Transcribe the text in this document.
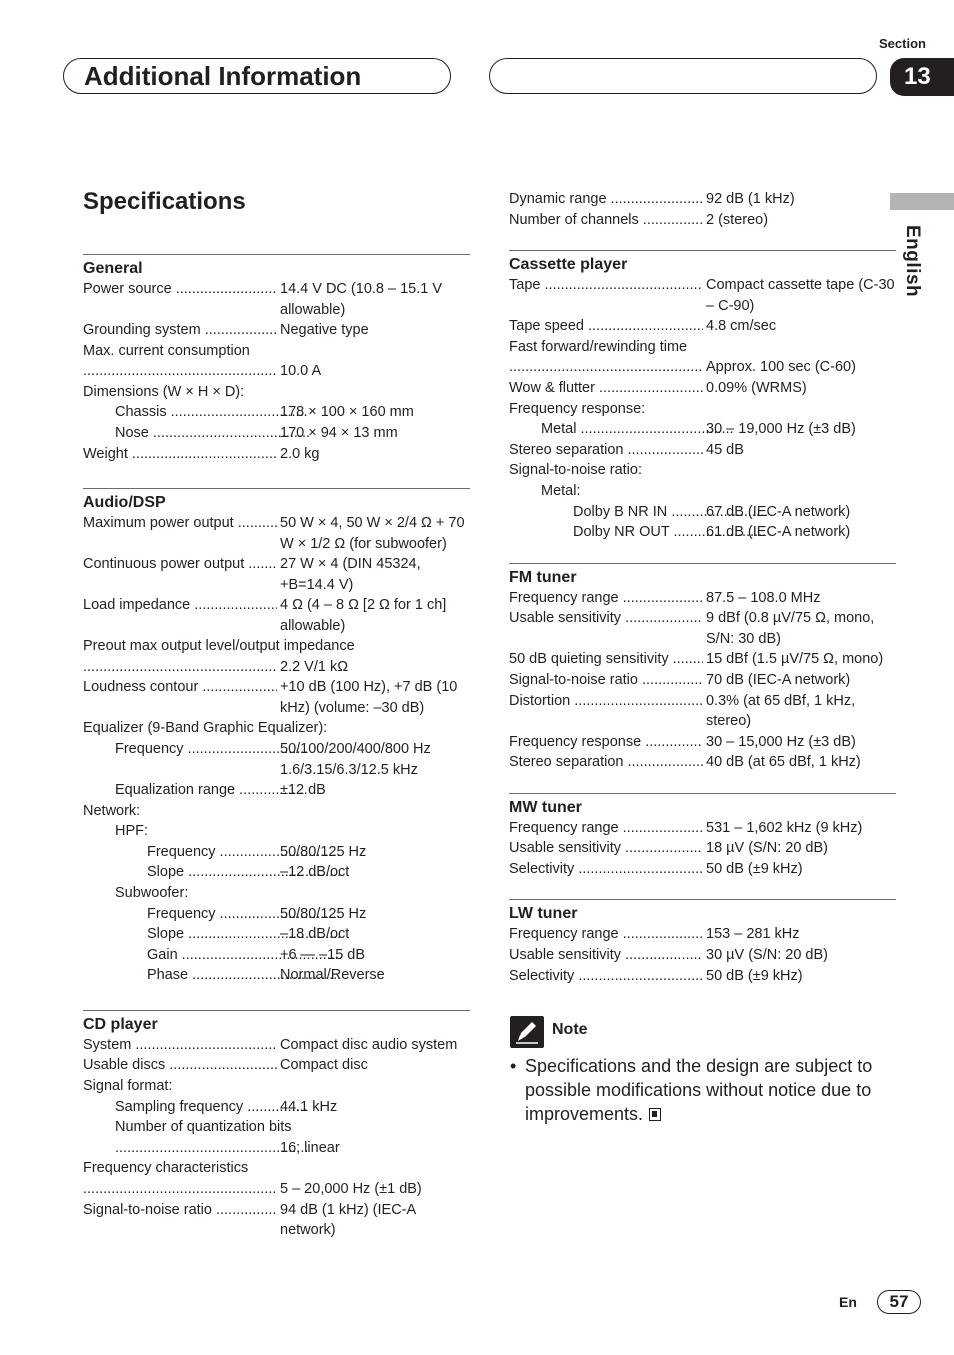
Additional Information
Section
13
English
Specifications
General
Power source .....	14.4 V DC (10.8 – 15.1 V allowable)
Grounding system .....	Negative type
Max. current consumption
.....
10.0 A
Dimensions (W × H × D):
Chassis .....	178 × 100 × 160 mm
Nose .....	170 × 94 × 13 mm
Weight .....	2.0 kg
Audio/DSP
Maximum power output .....	50 W × 4, 50 W × 2/4 Ω + 70 W × 1/2 Ω (for subwoofer)
Continuous power output .....	27 W × 4 (DIN 45324, +B=14.4 V)
Load impedance .....	4 Ω (4 – 8 Ω [2 Ω for 1 ch] allowable)
Preout max output level/output impedance
.....
2.2 V/1 kΩ
Loudness contour .....	+10 dB (100 Hz), +7 dB (10 kHz) (volume: –30 dB)
Equalizer (9-Band Graphic Equalizer):
Frequency .....	50/100/200/400/800 Hz 1.6/3.15/6.3/12.5 kHz
Equalization range .....	±12 dB
Network:
HPF:
Frequency .....	50/80/125 Hz
Slope .....	–12 dB/oct
Subwoofer:
Frequency .....	50/80/125 Hz
Slope .....	–18 dB/oct
Gain .....	+6 — –15 dB
Phase .....	Normal/Reverse
CD player
System .....	Compact disc audio system
Usable discs .....	Compact disc
Signal format:
Sampling frequency .....	44.1 kHz
Number of quantization bits
.....
16; linear
Frequency characteristics
.....
5 – 20,000 Hz (±1 dB)
Signal-to-noise ratio .....	94 dB (1 kHz) (IEC-A network)
Dynamic range .....	92 dB (1 kHz)
Number of channels .....	2 (stereo)
Cassette player
Tape .....	Compact cassette tape (C-30 – C-90)
Tape speed .....	4.8 cm/sec
Fast forward/rewinding time
.....
Approx. 100 sec (C-60)
Wow & flutter .....	0.09% (WRMS)
Frequency response:
Metal .....	30 – 19,000 Hz (±3 dB)
Stereo separation .....	45 dB
Signal-to-noise ratio:
Metal:
Dolby B NR IN .....	67 dB (IEC-A network)
Dolby NR OUT .....	61 dB (IEC-A network)
FM tuner
Frequency range .....	87.5 – 108.0 MHz
Usable sensitivity .....	9 dBf (0.8 µV/75 Ω, mono, S/N: 30 dB)
50 dB quieting sensitivity .....	15 dBf (1.5 µV/75 Ω, mono)
Signal-to-noise ratio .....	70 dB (IEC-A network)
Distortion .....	0.3% (at 65 dBf, 1 kHz, stereo)
Frequency response .....	30 – 15,000 Hz (±3 dB)
Stereo separation .....	40 dB (at 65 dBf, 1 kHz)
MW tuner
Frequency range .....	531 – 1,602 kHz (9 kHz)
Usable sensitivity .....	18 µV (S/N: 20 dB)
Selectivity .....	50 dB (±9 kHz)
LW tuner
Frequency range .....	153 – 281 kHz
Usable sensitivity .....	30 µV (S/N: 20 dB)
Selectivity .....	50 dB (±9 kHz)
Note
• Specifications and the design are subject to possible modifications without notice due to improvements.
En	57
